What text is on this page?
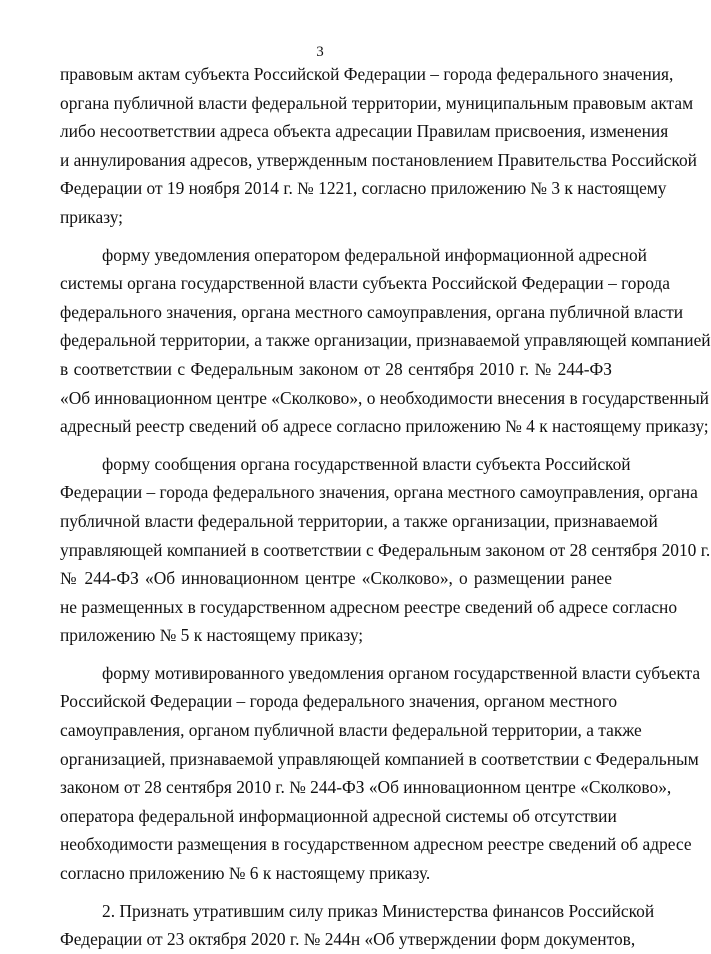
3
правовым актам субъекта Российской Федерации – города федерального значения,
органа публичной власти федеральной территории, муниципальным правовым актам
либо несоответствии адреса объекта адресации Правилам присвоения, изменения
и аннулирования адресов, утвержденным постановлением Правительства Российской
Федерации от 19 ноября 2014 г. № 1221, согласно приложению № 3 к настоящему
приказу;
форму уведомления оператором федеральной информационной адресной
системы органа государственной власти субъекта Российской Федерации – города
федерального значения, органа местного самоуправления, органа публичной власти
федеральной территории, а также организации, признаваемой управляющей компанией
в соответствии с Федеральным законом от 28 сентября 2010 г. № 244-ФЗ
«Об инновационном центре «Сколково», о необходимости внесения в государственный
адресный реестр сведений об адресе согласно приложению № 4 к настоящему приказу;
форму сообщения органа государственной власти субъекта Российской
Федерации – города федерального значения, органа местного самоуправления, органа
публичной власти федеральной территории, а также организации, признаваемой
управляющей компанией в соответствии с Федеральным законом от 28 сентября 2010 г.
№ 244-ФЗ «Об инновационном центре «Сколково», о размещении ранее
не размещенных в государственном адресном реестре сведений об адресе согласно
приложению № 5 к настоящему приказу;
форму мотивированного уведомления органом государственной власти субъекта
Российской Федерации – города федерального значения, органом местного
самоуправления, органом публичной власти федеральной территории, а также
организацией, признаваемой управляющей компанией в соответствии с Федеральным
законом от 28 сентября 2010 г. № 244-ФЗ «Об инновационном центре «Сколково»,
оператора федеральной информационной адресной системы об отсутствии
необходимости размещения в государственном адресном реестре сведений об адресе
согласно приложению № 6 к настоящему приказу.
2. Признать утратившим силу приказ Министерства финансов Российской
Федерации от 23 октября 2020 г. № 244н «Об утверждении форм документов,
